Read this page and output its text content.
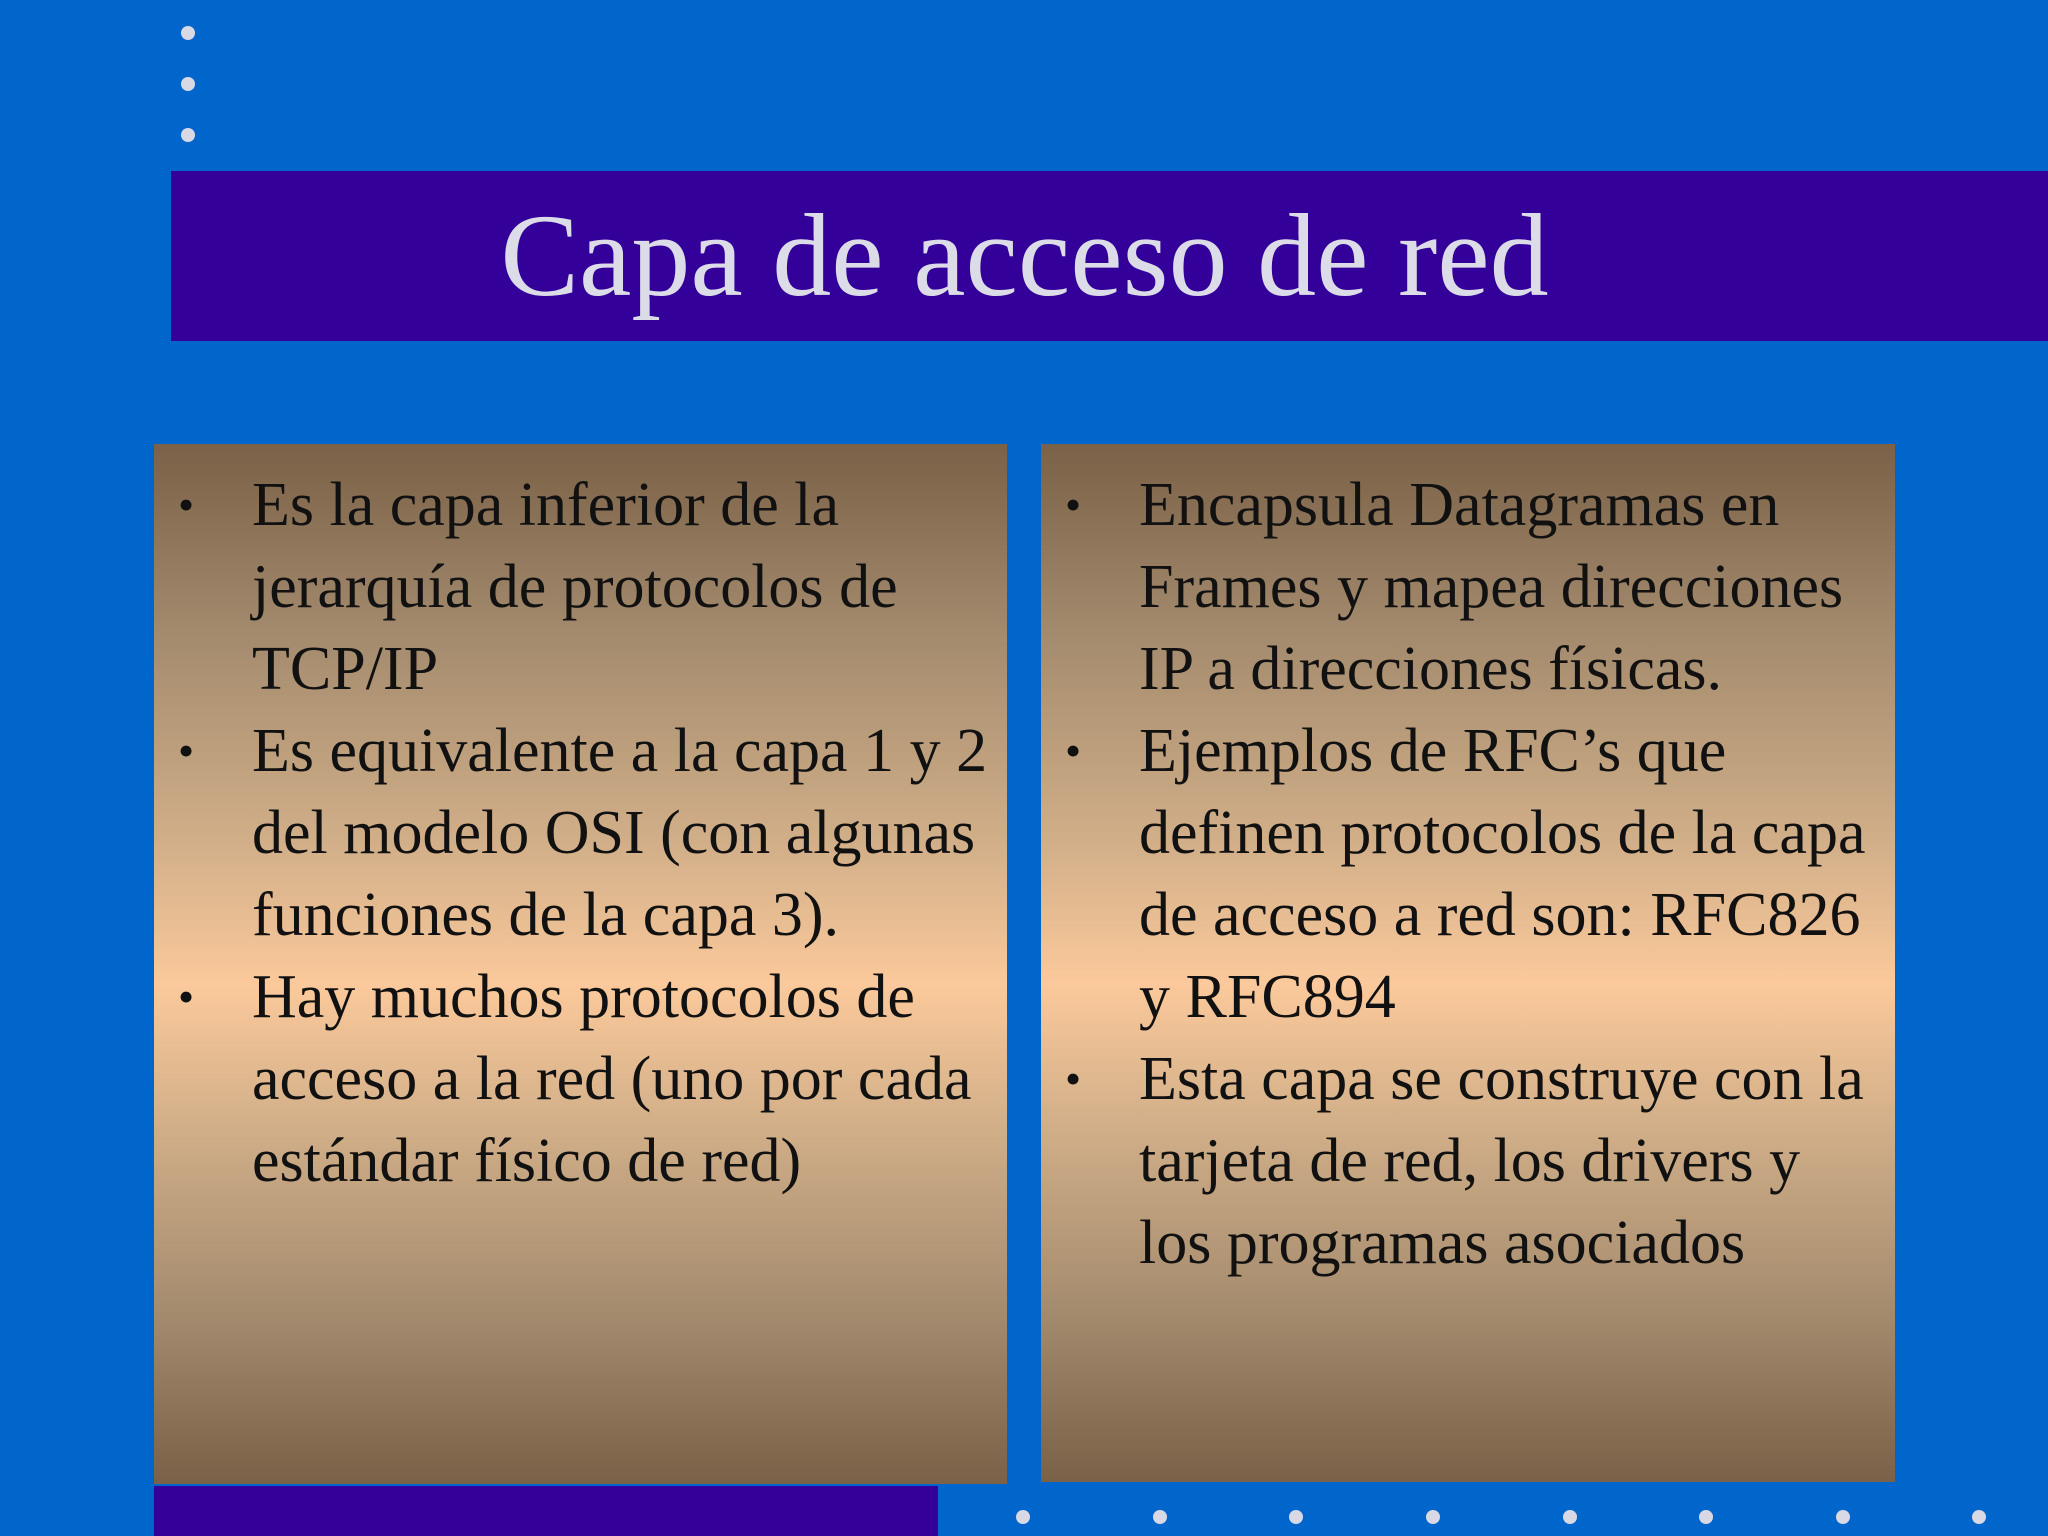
Capa de acceso de red
• Es la capa inferior de la jerarquía de protocolos de TCP/IP
• Es equivalente a la capa 1 y 2 del modelo OSI (con algunas funciones de la capa 3).
• Hay muchos protocolos de acceso a la red (uno por cada estándar físico de red)
• Encapsula Datagramas en Frames y mapea direcciones IP a direcciones físicas.
• Ejemplos de RFC’s que definen protocolos de la capa de acceso a red son: RFC826 y RFC894
• Esta capa se construye con la tarjeta de red, los drivers y los programas asociados
